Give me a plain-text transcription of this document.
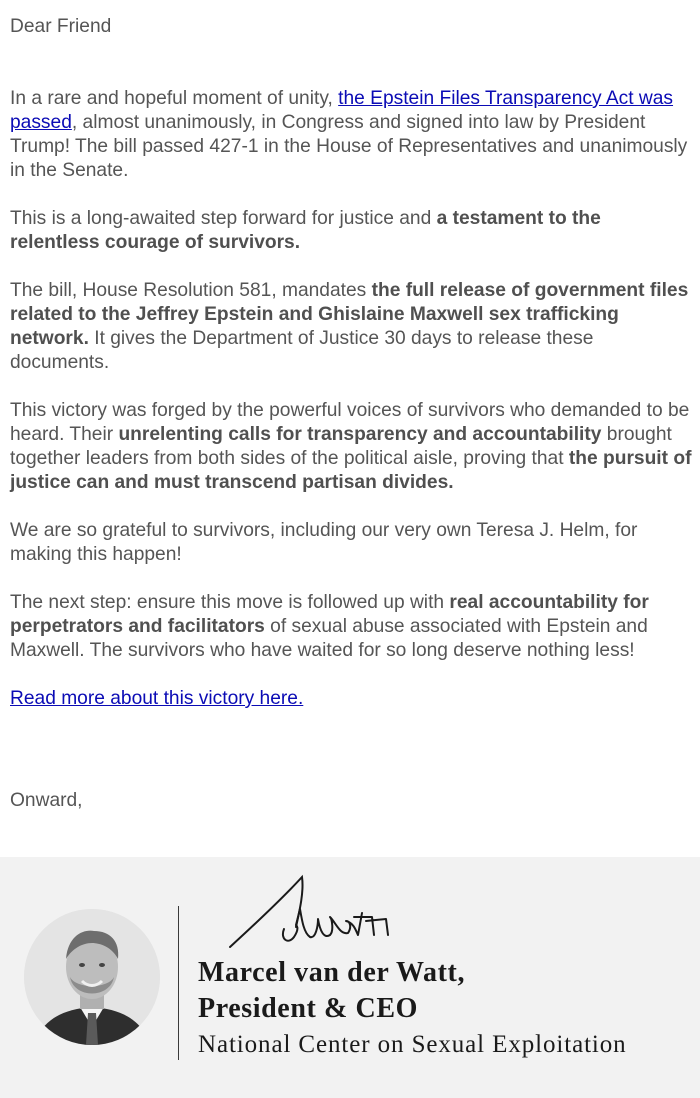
Dear Friend

In a rare and hopeful moment of unity, the Epstein Files Transparency Act was passed, almost unanimously, in Congress and signed into law by President Trump! The bill passed 427-1 in the House of Representatives and unanimously in the Senate.

This is a long-awaited step forward for justice and a testament to the relentless courage of survivors.

The bill, House Resolution 581, mandates the full release of government files related to the Jeffrey Epstein and Ghislaine Maxwell sex trafficking network. It gives the Department of Justice 30 days to release these documents.

This victory was forged by the powerful voices of survivors who demanded to be heard. Their unrelenting calls for transparency and accountability brought together leaders from both sides of the political aisle, proving that the pursuit of justice can and must transcend partisan divides.

We are so grateful to survivors, including our very own Teresa J. Helm, for making this happen!

The next step: ensure this move is followed up with real accountability for perpetrators and facilitators of sexual abuse associated with Epstein and Maxwell. The survivors who have waited for so long deserve nothing less!

Read more about this victory here.

Onward,

Marcel van der Watt,
President & CEO
National Center on Sexual Exploitation
